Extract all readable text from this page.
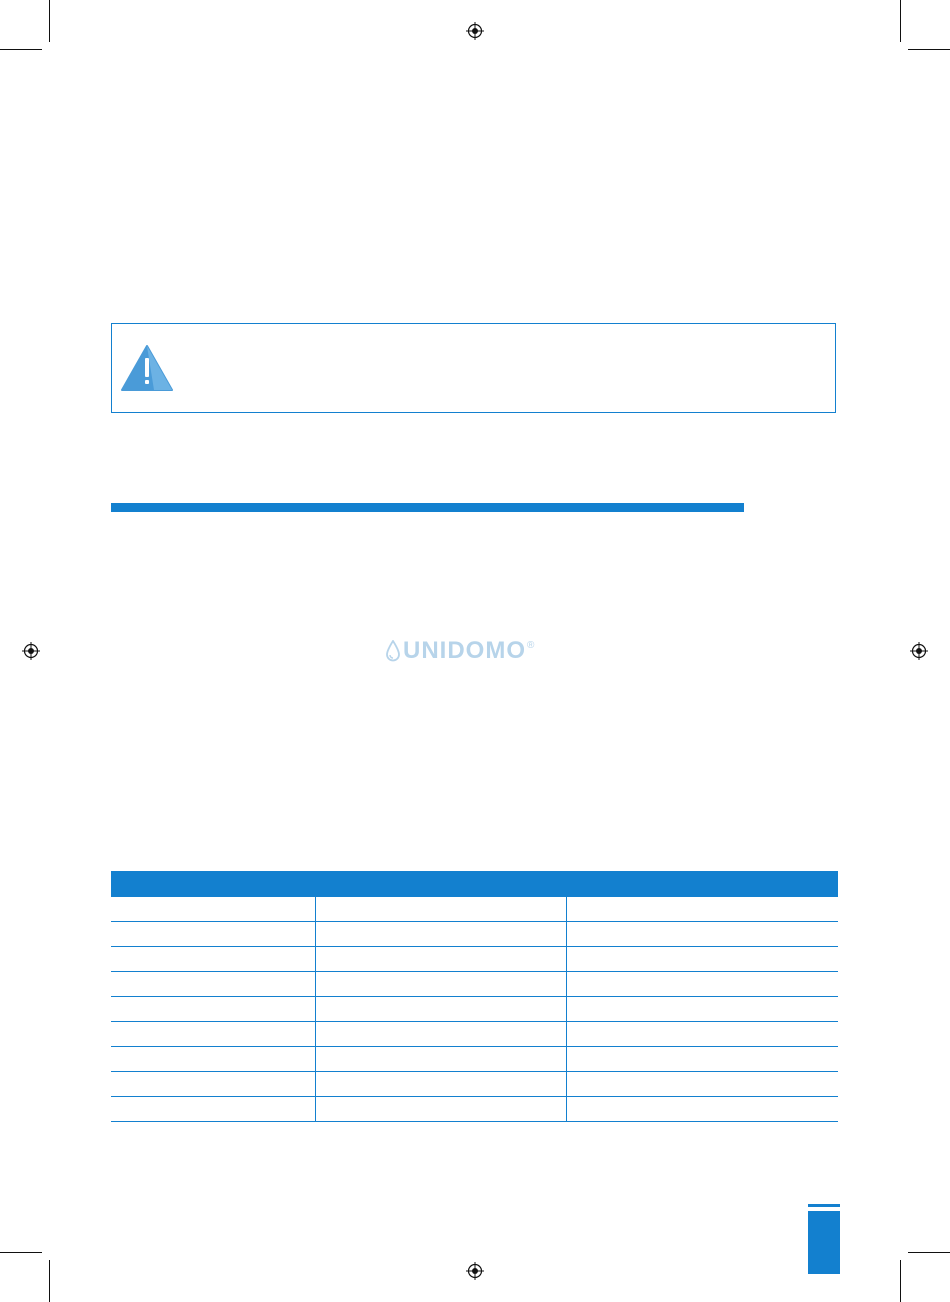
UNIDOMO ®
